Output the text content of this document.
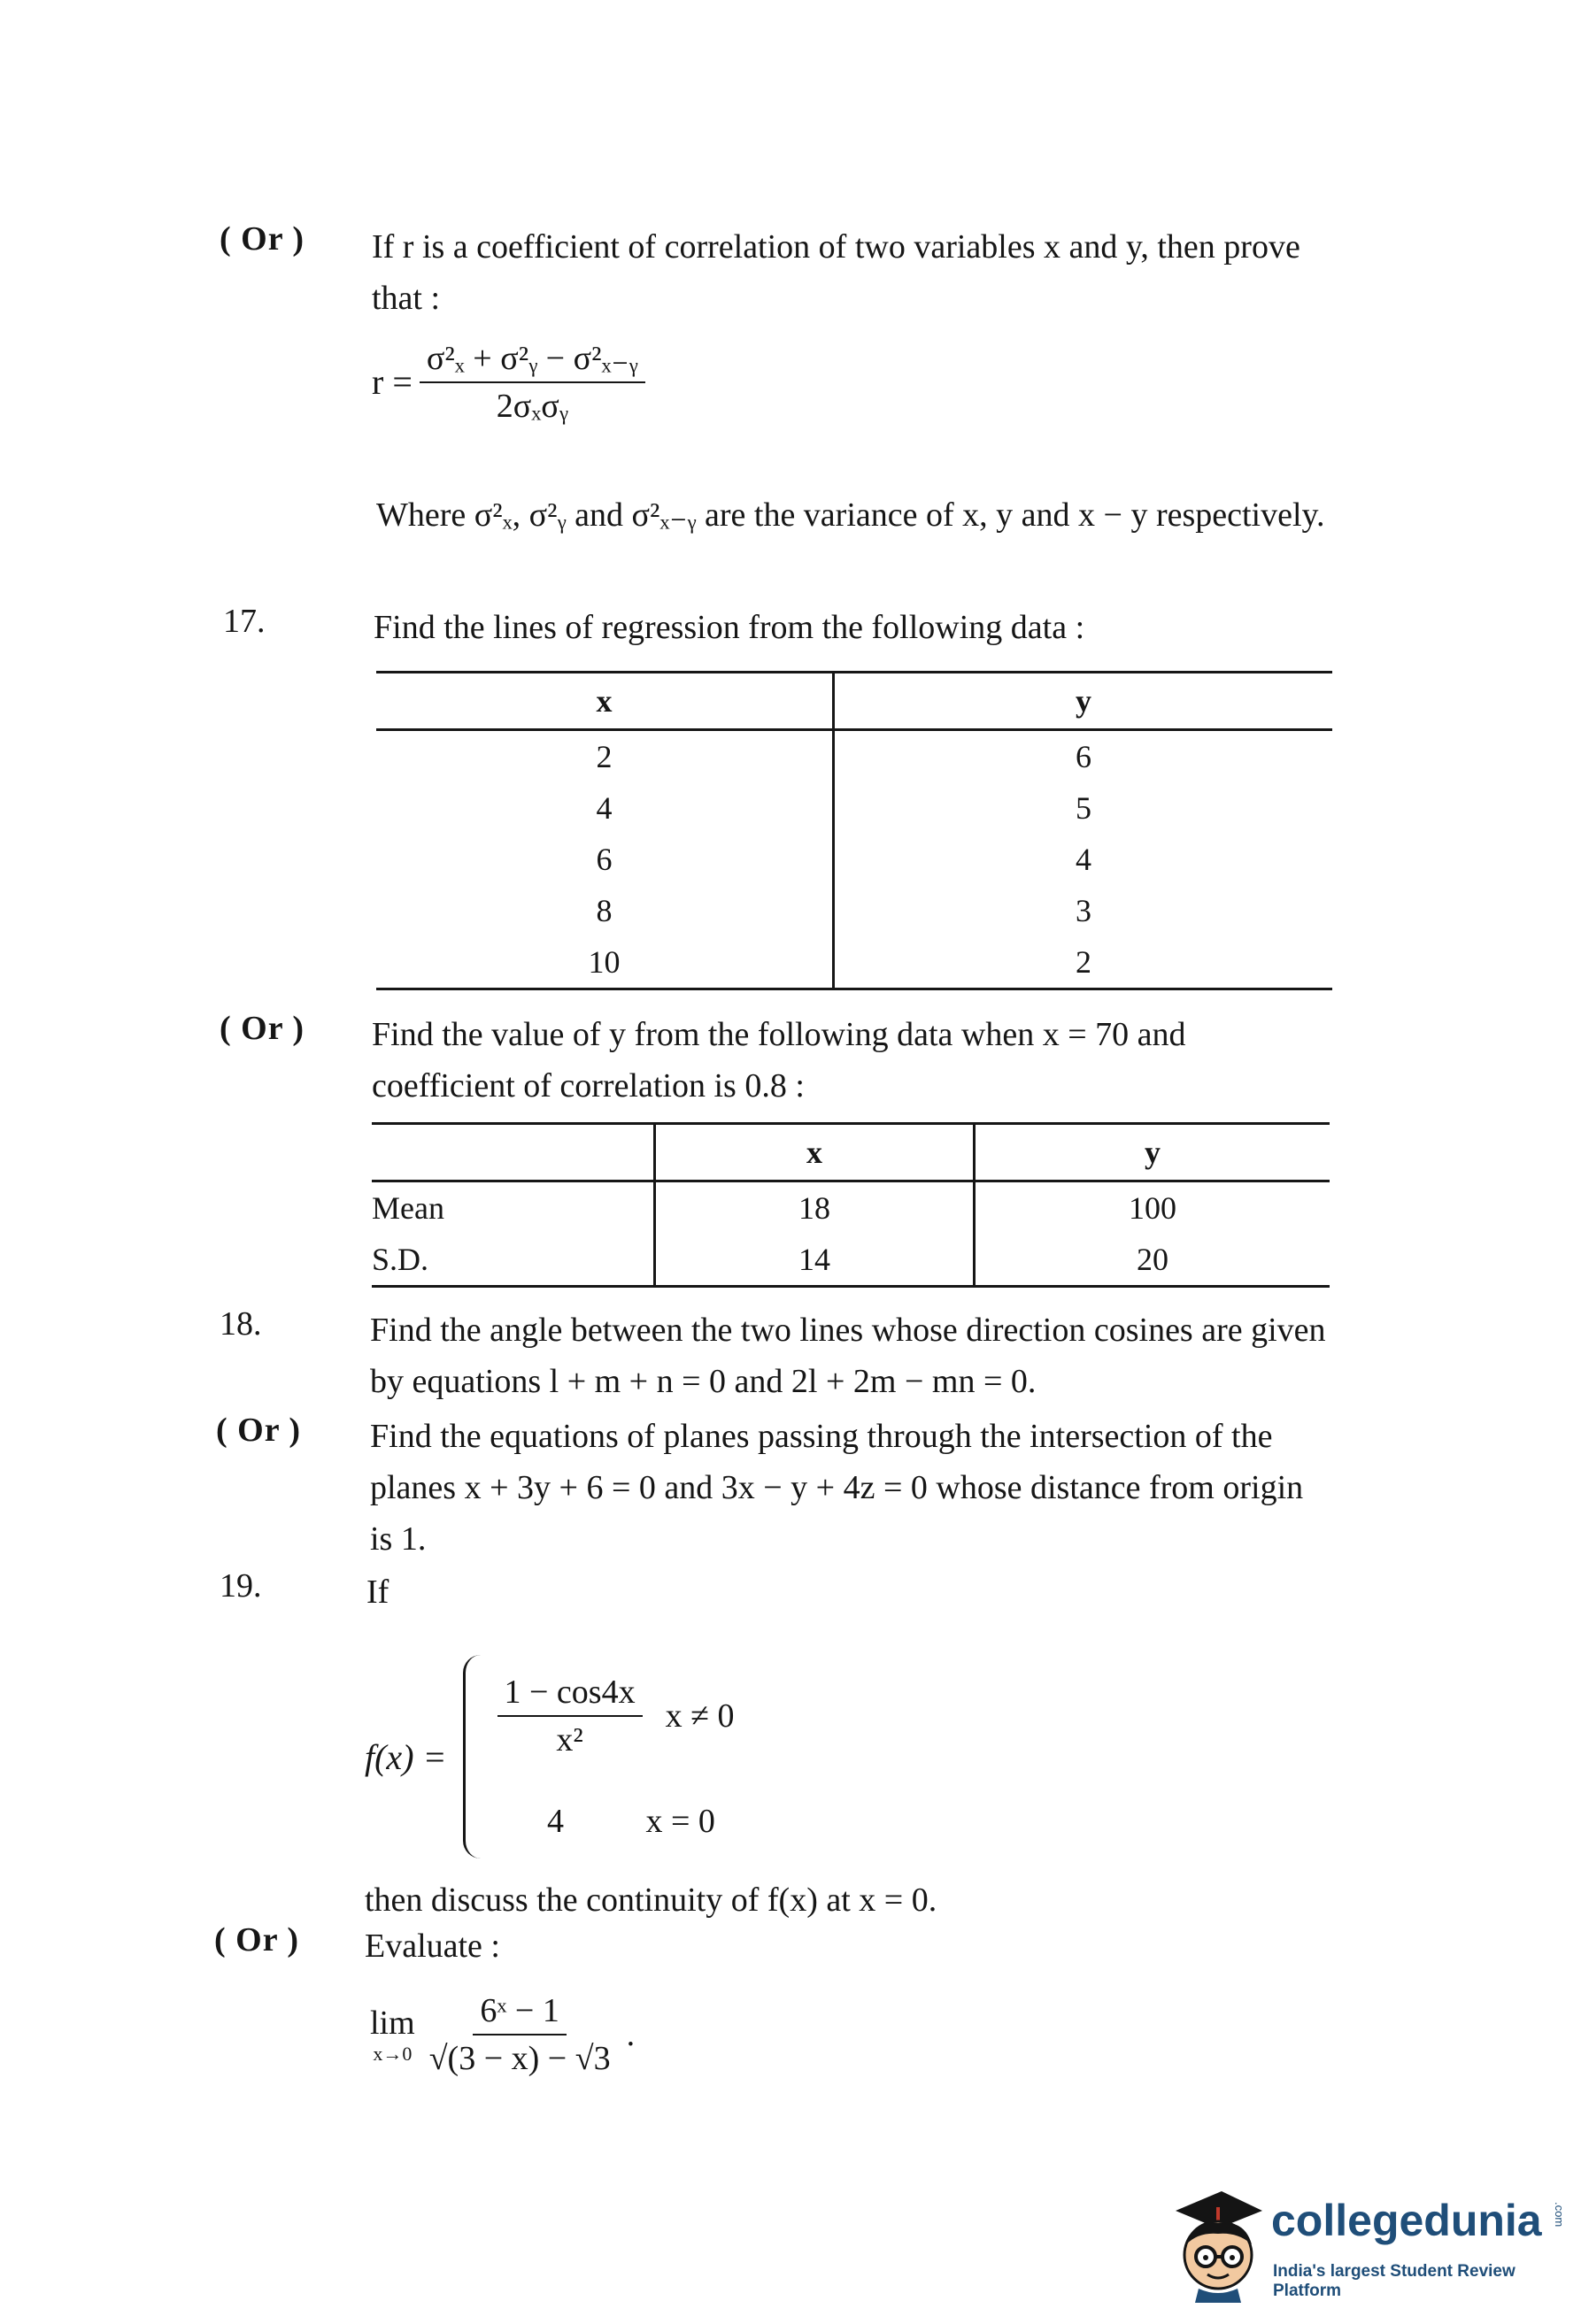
( Or ) If r is a coefficient of correlation of two variables x and y, then prove that :
$r = \frac{\text{σ²ₓ + σ²ᵧ − σ²ₓ₋ᵧ}}{\text{2σₓσᵧ}}$
Where σ²ₓ, σ²ᵧ and σ²ₓ₋ᵧ are the variance of x, y and x − y respectively.
17.	Find the lines of regression from the following data :
x	y
2	6
4	5
6	4
8	3
10	2
( Or ) Find the value of y from the following data when x = 70 and coefficient of correlation is 0.8 :
	x	y
Mean	18	100
S.D.	14	20
18.	Find the angle between the two lines whose direction cosines are given by equations l + m + n = 0 and 2l + 2m − mn = 0.
( Or ) Find the equations of planes passing through the intersection of the planes x + 3y + 6 = 0 and 3x − y + 4z = 0 whose distance from origin is 1.
19.	If
$f(x) = \frac{1 - \cos 4x}{\text{x²}}$ x ≠ 0
4	x = 0
then discuss the continuity of f(x) at x = 0.
( Or ) Evaluate :
lim
$x\to 0 \frac{\text{6ˣ − 1}}{√(3 - x) - √3}$ .
collegedunia .com
India's largest Student Review Platform
